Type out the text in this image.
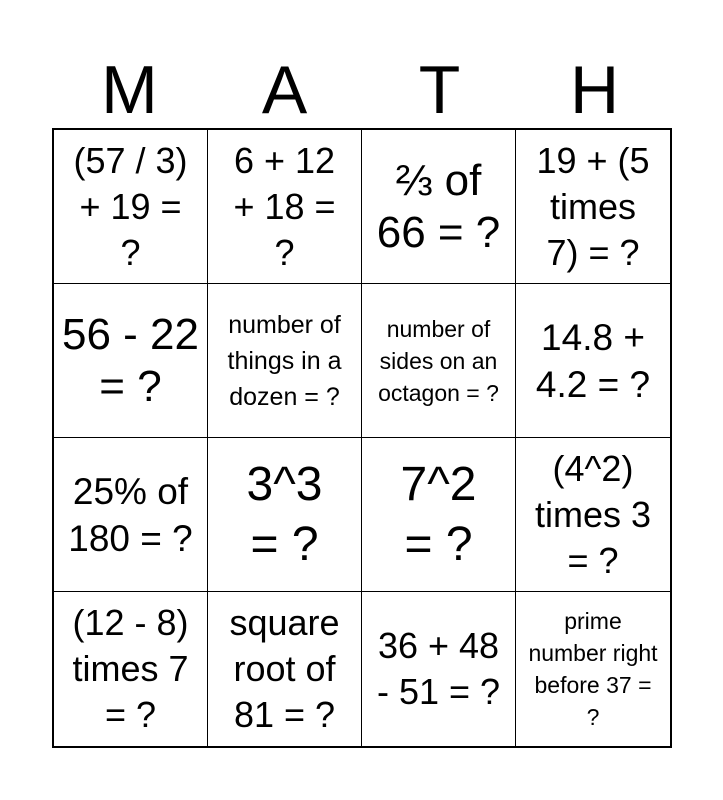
M	A	T	H
(57 / 3) + 19 = ?
6 + 12 + 18 = ?
⅔ of 66 = ?
19 + (5 times 7) = ?
56 - 22 = ?
number of things in a dozen = ?
number of sides on an octagon = ?
14.8 + 4.2 = ?
25% of 180 = ?
3^3 = ?
7^2 = ?
(4^2) times 3 = ?
(12 - 8) times 7 = ?
square root of 81 = ?
36 + 48 - 51 = ?
prime number right before 37 = ?
